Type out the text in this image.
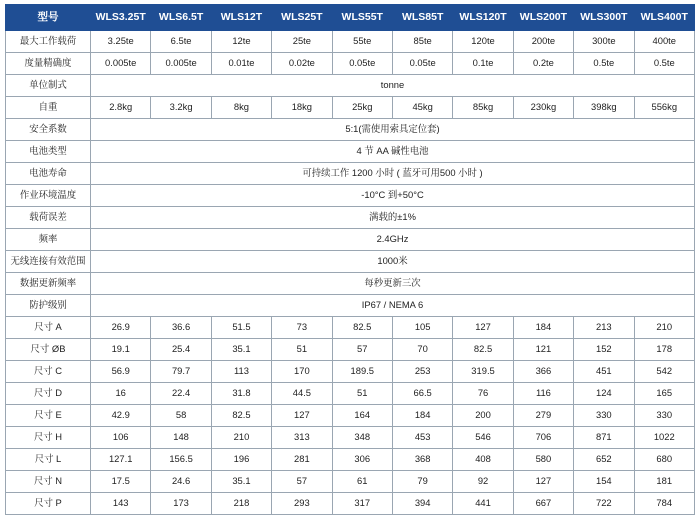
型号	WLS3.25T	WLS6.5T	WLS12T	WLS25T	WLS55T	WLS85T	WLS120T	WLS200T	WLS300T	WLS400T
最大工作载荷	3.25te	6.5te	12te	25te	55te	85te	120te	200te	300te	400te
度量精确度	0.005te	0.005te	0.01te	0.02te	0.05te	0.05te	0.1te	0.2te	0.5te	0.5te
单位制式	tonne									
自重	2.8kg	3.2kg	8kg	18kg	25kg	45kg	85kg	230kg	398kg	556kg
安全系数	5:1(需使用索具定位套)									
电池类型	4 节 AA 碱性电池									
电池寿命	可持续工作 1200 小时 ( 蓝牙可用500 小时 )									
作业环境温度	-10°C 到+50°C									
载荷误差	满载的±1%									
频率	2.4GHz									
无线连接有效范围	1000米									
数据更新频率	每秒更新三次									
防护级别	IP67 / NEMA 6									
尺寸 A	26.9	36.6	51.5	73	82.5	105	127	184	213	210
尺寸 ØB	19.1	25.4	35.1	51	57	70	82.5	121	152	178
尺寸 C	56.9	79.7	113	170	189.5	253	319.5	366	451	542
尺寸 D	16	22.4	31.8	44.5	51	66.5	76	116	124	165
尺寸 E	42.9	58	82.5	127	164	184	200	279	330	330
尺寸 H	106	148	210	313	348	453	546	706	871	1022
尺寸 L	127.1	156.5	196	281	306	368	408	580	652	680
尺寸 N	17.5	24.6	35.1	57	61	79	92	127	154	181
尺寸 P	143	173	218	293	317	394	441	667	722	784
